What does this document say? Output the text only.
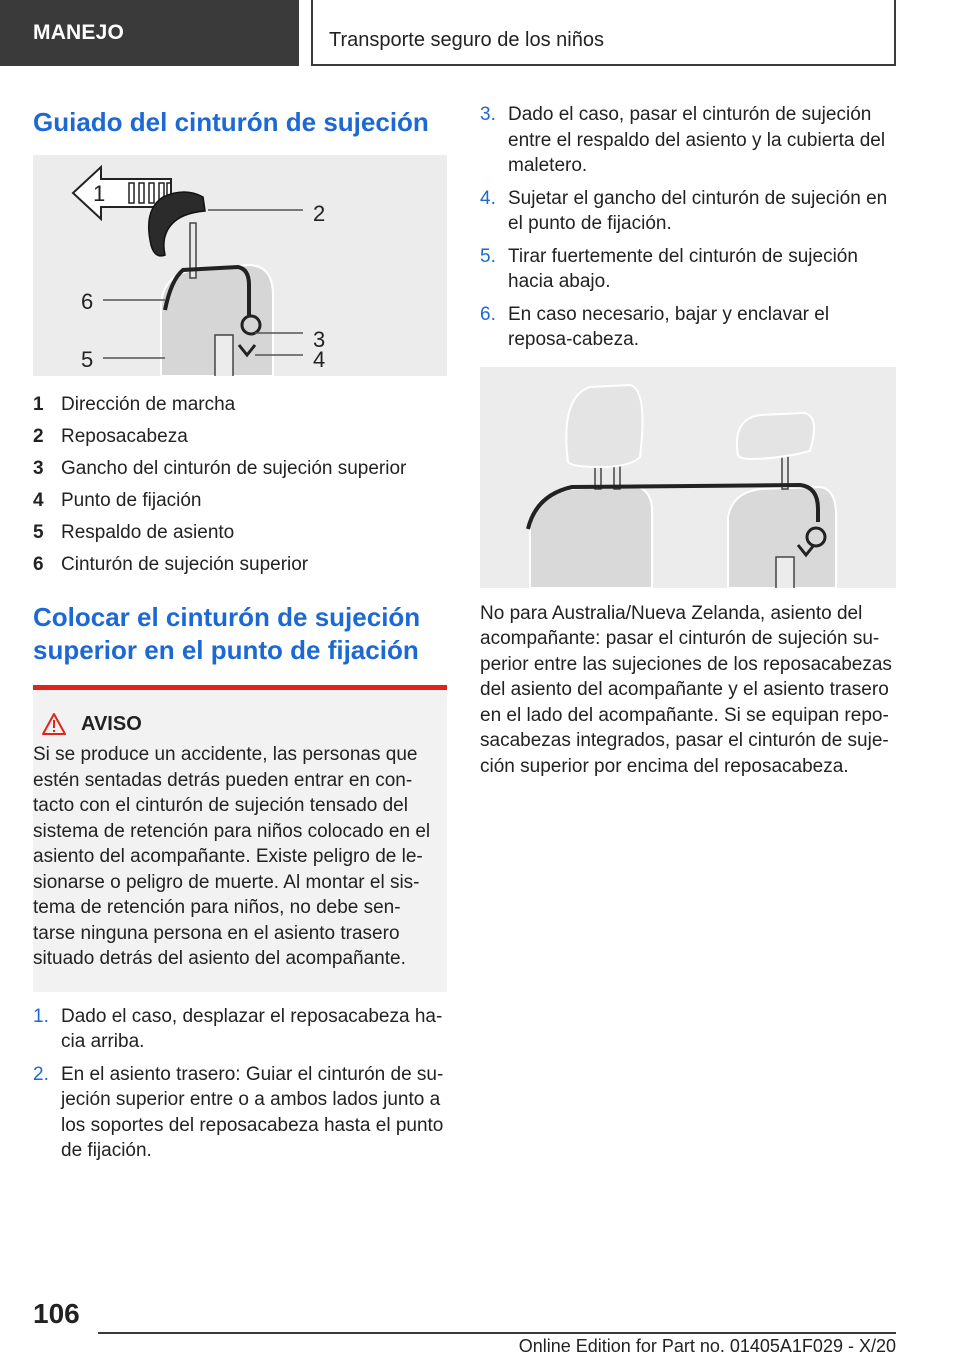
MANEJO	Transporte seguro de los niños
Guiado del cinturón de sujeción
1
2
3
4
5
6
1 Dirección de marcha
2 Reposacabeza
3 Gancho del cinturón de sujeción superior
4 Punto de fijación
5 Respaldo de asiento
6 Cinturón de sujeción superior
Colocar el cinturón de sujeción superior en el punto de fijación
AVISO

Si se produce un accidente, las personas que estén sentadas detrás pueden entrar en con-tacto con el cinturón de sujeción tensado del sistema de retención para niños colocado en el asiento del acompañante. Existe peligro de le-sionarse o peligro de muerte. Al montar el sis-tema de retención para niños, no debe sen-tarse ninguna persona en el asiento trasero situado detrás del asiento del acompañante.

1. Dado el caso, desplazar el reposacabeza ha-cia arriba.
2. En el asiento trasero: Guiar el cinturón de su-jeción superior entre o a ambos lados junto a los soportes del reposacabeza hasta el punto de fijación.
3. Dado el caso, pasar el cinturón de sujeción entre el respaldo del asiento y la cubierta del maletero.
4. Sujetar el gancho del cinturón de sujeción en el punto de fijación.
5. Tirar fuertemente del cinturón de sujeción hacia abajo.
6. En caso necesario, bajar y enclavar el reposa-cabeza.

No para Australia/Nueva Zelanda, asiento del acompañante: pasar el cinturón de sujeción su-perior entre las sujeciones de los reposacabezas del asiento del acompañante y el asiento trasero en el lado del acompañante. Si se equipan repo-sacabezas integrados, pasar el cinturón de suje-ción superior por encima del reposacabeza.

106
Online Edition for Part no. 01405A1F029 - X/20
